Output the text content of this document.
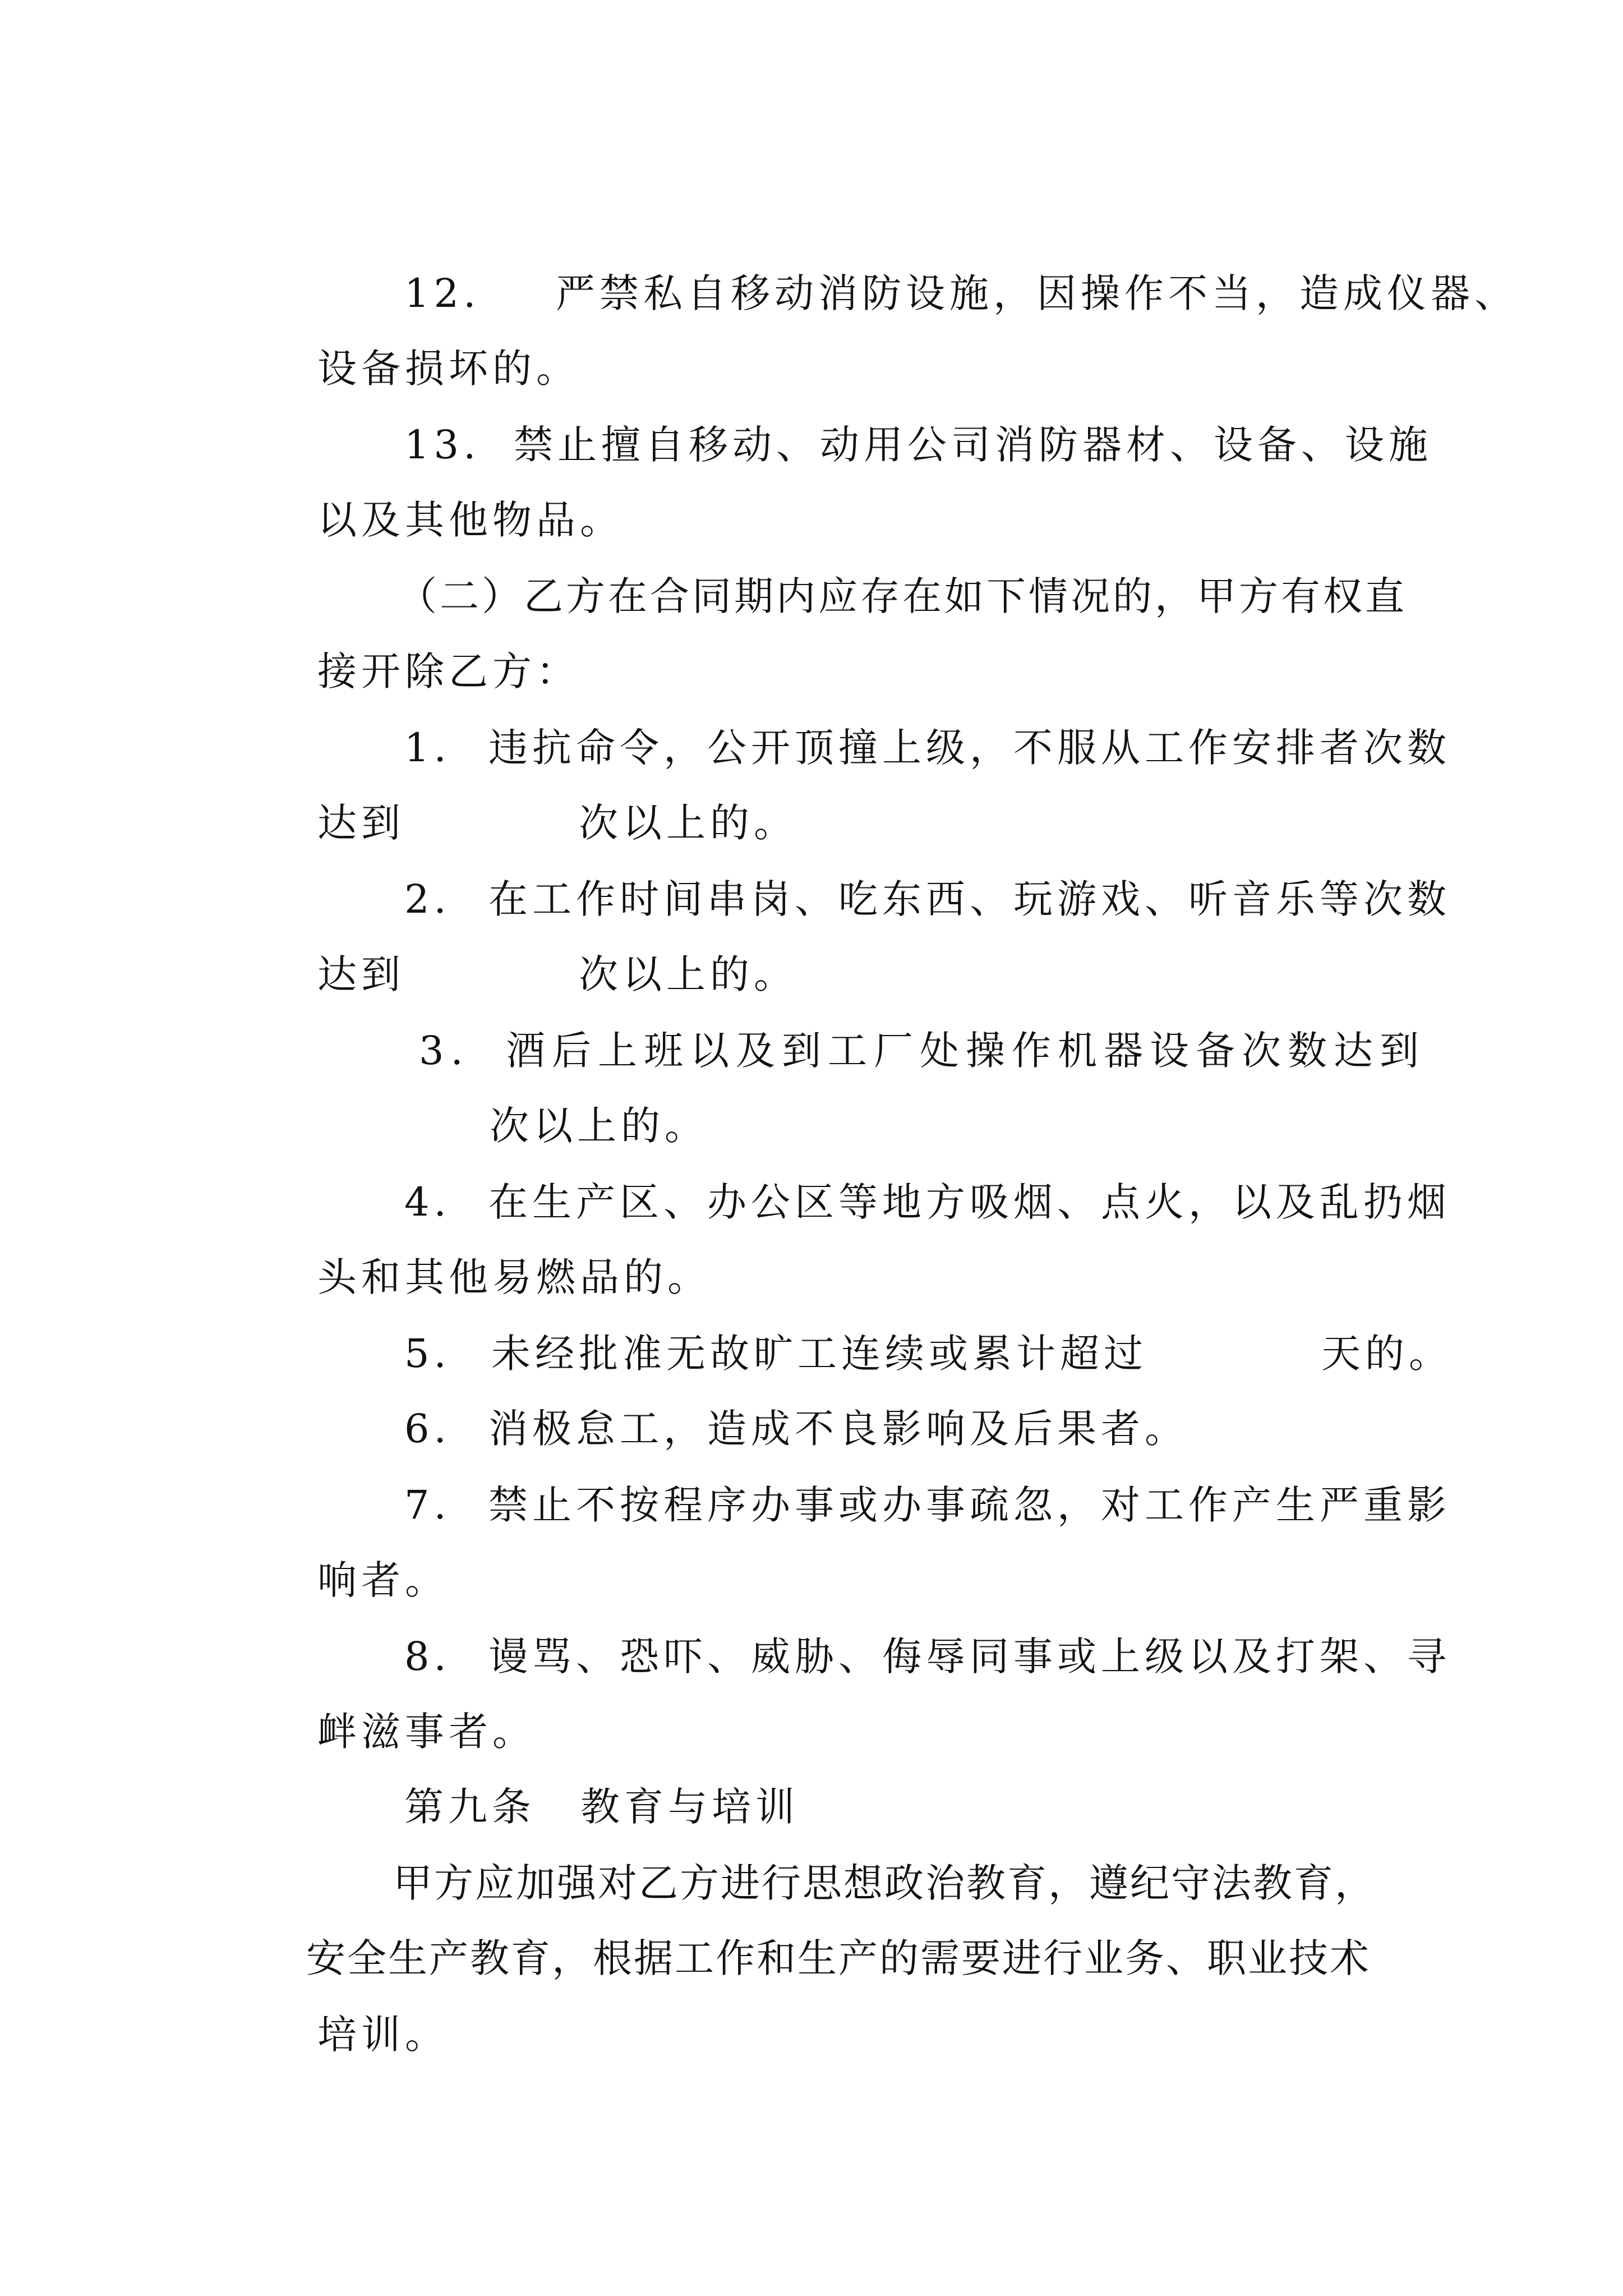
12. 严禁私自移动消防设施，因操作不当，造成仪器、

设备损坏的。

13. 禁止擅自移动、动用公司消防器材、设备、设施

以及其他物品。

（二）乙方在合同期内应存在如下情况的，甲方有权直

接开除乙方：

1. 违抗命令，公开顶撞上级，不服从工作安排者次数

达到	次以上的。

2. 在工作时间串岗、吃东西、玩游戏、听音乐等次数

达到	次以上的。

3. 酒后上班以及到工厂处操作机器设备次数达到

次以上的。

4. 在生产区、办公区等地方吸烟、点火，以及乱扔烟

头和其他易燃品的。

5. 未经批准无故旷工连续或累计超过	天的。

6. 消极怠工，造成不良影响及后果者。

7. 禁止不按程序办事或办事疏忽，对工作产生严重影

响者。

8. 谩骂、恐吓、威胁、侮辱同事或上级以及打架、寻

衅滋事者。

第九条 教育与培训

甲方应加强对乙方进行思想政治教育，遵纪守法教育，

安全生产教育，根据工作和生产的需要进行业务、职业技术

培训。
